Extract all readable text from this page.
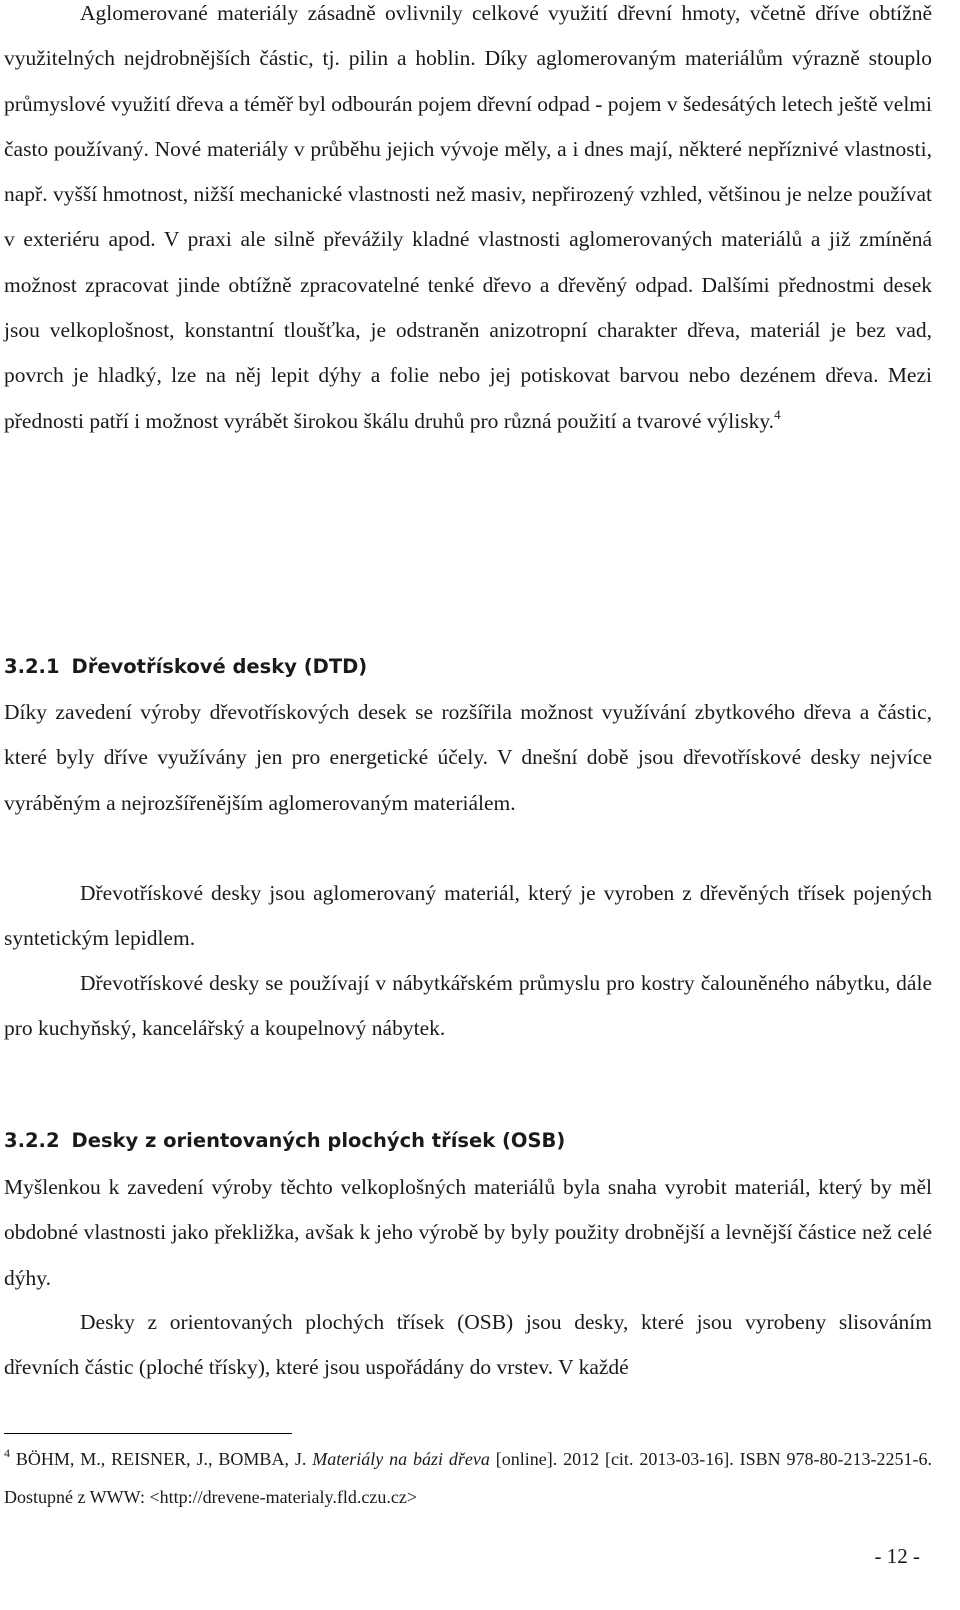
Aglomerované materiály zásadně ovlivnily celkové využití dřevní hmoty, včetně dříve obtížně využitelných nejdrobnějších částic, tj. pilin a hoblin. Díky aglomerovaným materiálům výrazně stouplo průmyslové využití dřeva a téměř byl odbourán pojem dřevní odpad - pojem v šedesátých letech ještě velmi často používaný. Nové materiály v průběhu jejich vývoje měly, a i dnes mají, některé nepříznivé vlastnosti, např. vyšší hmotnost, nižší mechanické vlastnosti než masiv, nepřirozený vzhled, většinou je nelze používat v exteriéru apod. V praxi ale silně převážily kladné vlastnosti aglomerovaných materiálů a již zmíněná možnost zpracovat jinde obtížně zpracovatelné tenké dřevo a dřevěný odpad. Dalšími přednostmi desek jsou velkoplošnost, konstantní tloušťka, je odstraněn anizotropní charakter dřeva, materiál je bez vad, povrch je hladký, lze na něj lepit dýhy a folie nebo jej potiskovat barvou nebo dezénem dřeva. Mezi přednosti patří i možnost vyrábět širokou škálu druhů pro různá použití a tvarové výlisky.$^4$

3.2.1 Dřevotřískové desky (DTD)

Díky zavedení výroby dřevotřískových desek se rozšířila možnost využívání zbytkového dřeva a částic, které byly dříve využívány jen pro energetické účely. V dnešní době jsou dřevotřískové desky nejvíce vyráběným a nejrozšířenějším aglomerovaným materiálem.

Dřevotřískové desky jsou aglomerovaný materiál, který je vyroben z dřevěných třísek pojených syntetickým lepidlem.

Dřevotřískové desky se používají v nábytkářském průmyslu pro kostry čalouněného nábytku, dále pro kuchyňský, kancelářský a koupelnový nábytek.

3.2.2 Desky z orientovaných plochých třísek (OSB)

Myšlenkou k zavedení výroby těchto velkoplošných materiálů byla snaha vyrobit materiál, který by měl obdobné vlastnosti jako překližka, avšak k jeho výrobě by byly použity drobnější a levnější částice než celé dýhy.

Desky z orientovaných plochých třísek (OSB) jsou desky, které jsou vyrobeny slisováním dřevních částic (ploché třísky), které jsou uspořádány do vrstev. V každé

$^4$ BÖHM, M., REISNER, J., BOMBA, J. Materiály na bázi dřeva [online]. 2012 [cit. 2013-03-16]. ISBN 978-80-213-2251-6. Dostupné z WWW: <http://drevene-materialy.fld.czu.cz>

- 12 -
